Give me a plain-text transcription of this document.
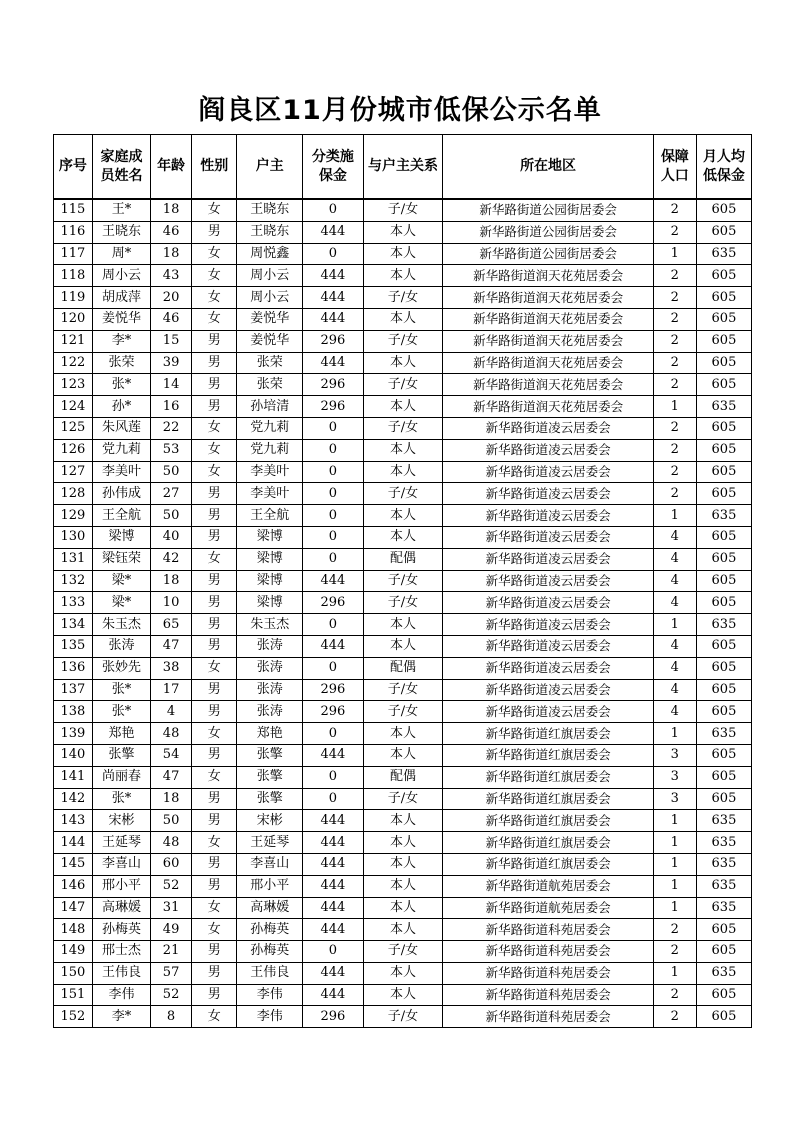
阎良区11月份城市低保公示名单
序号	家庭成员姓名	年龄	性别	户主	分类施保金	与户主关系	所在地区	保障人口	月人均低保金
115	王*	18	女	王晓东	0	子/女	新华路街道公园街居委会	2	605
116	王晓东	46	男	王晓东	444	本人	新华路街道公园街居委会	2	605
117	周*	18	女	周悦鑫	0	本人	新华路街道公园街居委会	1	635
118	周小云	43	女	周小云	444	本人	新华路街道润天花苑居委会	2	605
119	胡成萍	20	女	周小云	444	子/女	新华路街道润天花苑居委会	2	605
120	姜悦华	46	女	姜悦华	444	本人	新华路街道润天花苑居委会	2	605
121	李*	15	男	姜悦华	296	子/女	新华路街道润天花苑居委会	2	605
122	张荣	39	男	张荣	444	本人	新华路街道润天花苑居委会	2	605
123	张*	14	男	张荣	296	子/女	新华路街道润天花苑居委会	2	605
124	孙*	16	男	孙培清	296	本人	新华路街道润天花苑居委会	1	635
125	朱风莲	22	女	党九莉	0	子/女	新华路街道凌云居委会	2	605
126	党九莉	53	女	党九莉	0	本人	新华路街道凌云居委会	2	605
127	李美叶	50	女	李美叶	0	本人	新华路街道凌云居委会	2	605
128	孙伟成	27	男	李美叶	0	子/女	新华路街道凌云居委会	2	605
129	王全航	50	男	王全航	0	本人	新华路街道凌云居委会	1	635
130	梁博	40	男	梁博	0	本人	新华路街道凌云居委会	4	605
131	梁钰荣	42	女	梁博	0	配偶	新华路街道凌云居委会	4	605
132	梁*	18	男	梁博	444	子/女	新华路街道凌云居委会	4	605
133	梁*	10	男	梁博	296	子/女	新华路街道凌云居委会	4	605
134	朱玉杰	65	男	朱玉杰	0	本人	新华路街道凌云居委会	1	635
135	张涛	47	男	张涛	444	本人	新华路街道凌云居委会	4	605
136	张妙先	38	女	张涛	0	配偶	新华路街道凌云居委会	4	605
137	张*	17	男	张涛	296	子/女	新华路街道凌云居委会	4	605
138	张*	4	男	张涛	296	子/女	新华路街道凌云居委会	4	605
139	郑艳	48	女	郑艳	0	本人	新华路街道红旗居委会	1	635
140	张擎	54	男	张擎	444	本人	新华路街道红旗居委会	3	605
141	尚丽春	47	女	张擎	0	配偶	新华路街道红旗居委会	3	605
142	张*	18	男	张擎	0	子/女	新华路街道红旗居委会	3	605
143	宋彬	50	男	宋彬	444	本人	新华路街道红旗居委会	1	635
144	王延琴	48	女	王延琴	444	本人	新华路街道红旗居委会	1	635
145	李喜山	60	男	李喜山	444	本人	新华路街道红旗居委会	1	635
146	邢小平	52	男	邢小平	444	本人	新华路街道航苑居委会	1	635
147	高琳媛	31	女	高琳媛	444	本人	新华路街道航苑居委会	1	635
148	孙梅英	49	女	孙梅英	444	本人	新华路街道科苑居委会	2	605
149	邢士杰	21	男	孙梅英	0	子/女	新华路街道科苑居委会	2	605
150	王伟良	57	男	王伟良	444	本人	新华路街道科苑居委会	1	635
151	李伟	52	男	李伟	444	本人	新华路街道科苑居委会	2	605
152	李*	8	女	李伟	296	子/女	新华路街道科苑居委会	2	605
